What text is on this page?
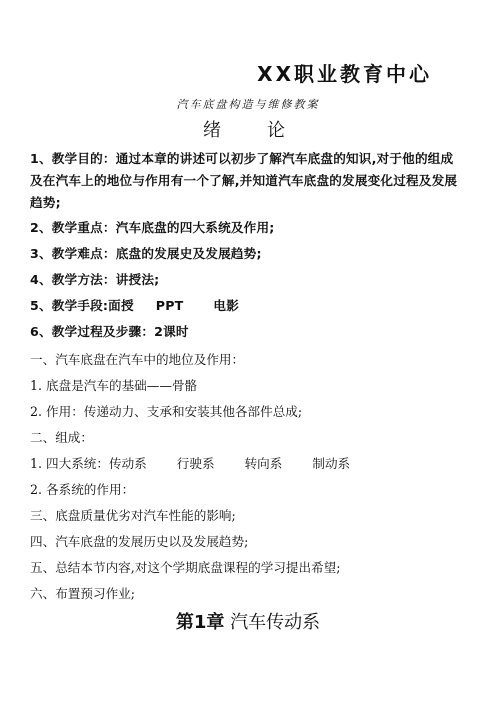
XX职业教育中心
汽车底盘构造与维修教案
绪　论
1、教学目的：通过本章的讲述可以初步了解汽车底盘的知识,对于他的组成及在汽车上的地位与作用有一个了解,并知道汽车底盘的发展变化过程及发展趋势;
2、教学重点：汽车底盘的四大系统及作用;
3、教学难点：底盘的发展史及发展趋势;
4、教学方法：讲授法;
5、教学手段:面授 PPT 电影
6、教学过程及步骤：2课时
一、汽车底盘在汽车中的地位及作用：
1. 底盘是汽车的基础——骨骼
2. 作用：传递动力、支承和安装其他各部件总成;
二、组成：
1. 四大系统：传动系 行驶系 转向系 制动系
2. 各系统的作用：
三、底盘质量优劣对汽车性能的影响;
四、汽车底盘的发展历史以及发展趋势;
五、总结本节内容,对这个学期底盘课程的学习提出希望;
六、布置预习作业;
第1章 汽车传动系
